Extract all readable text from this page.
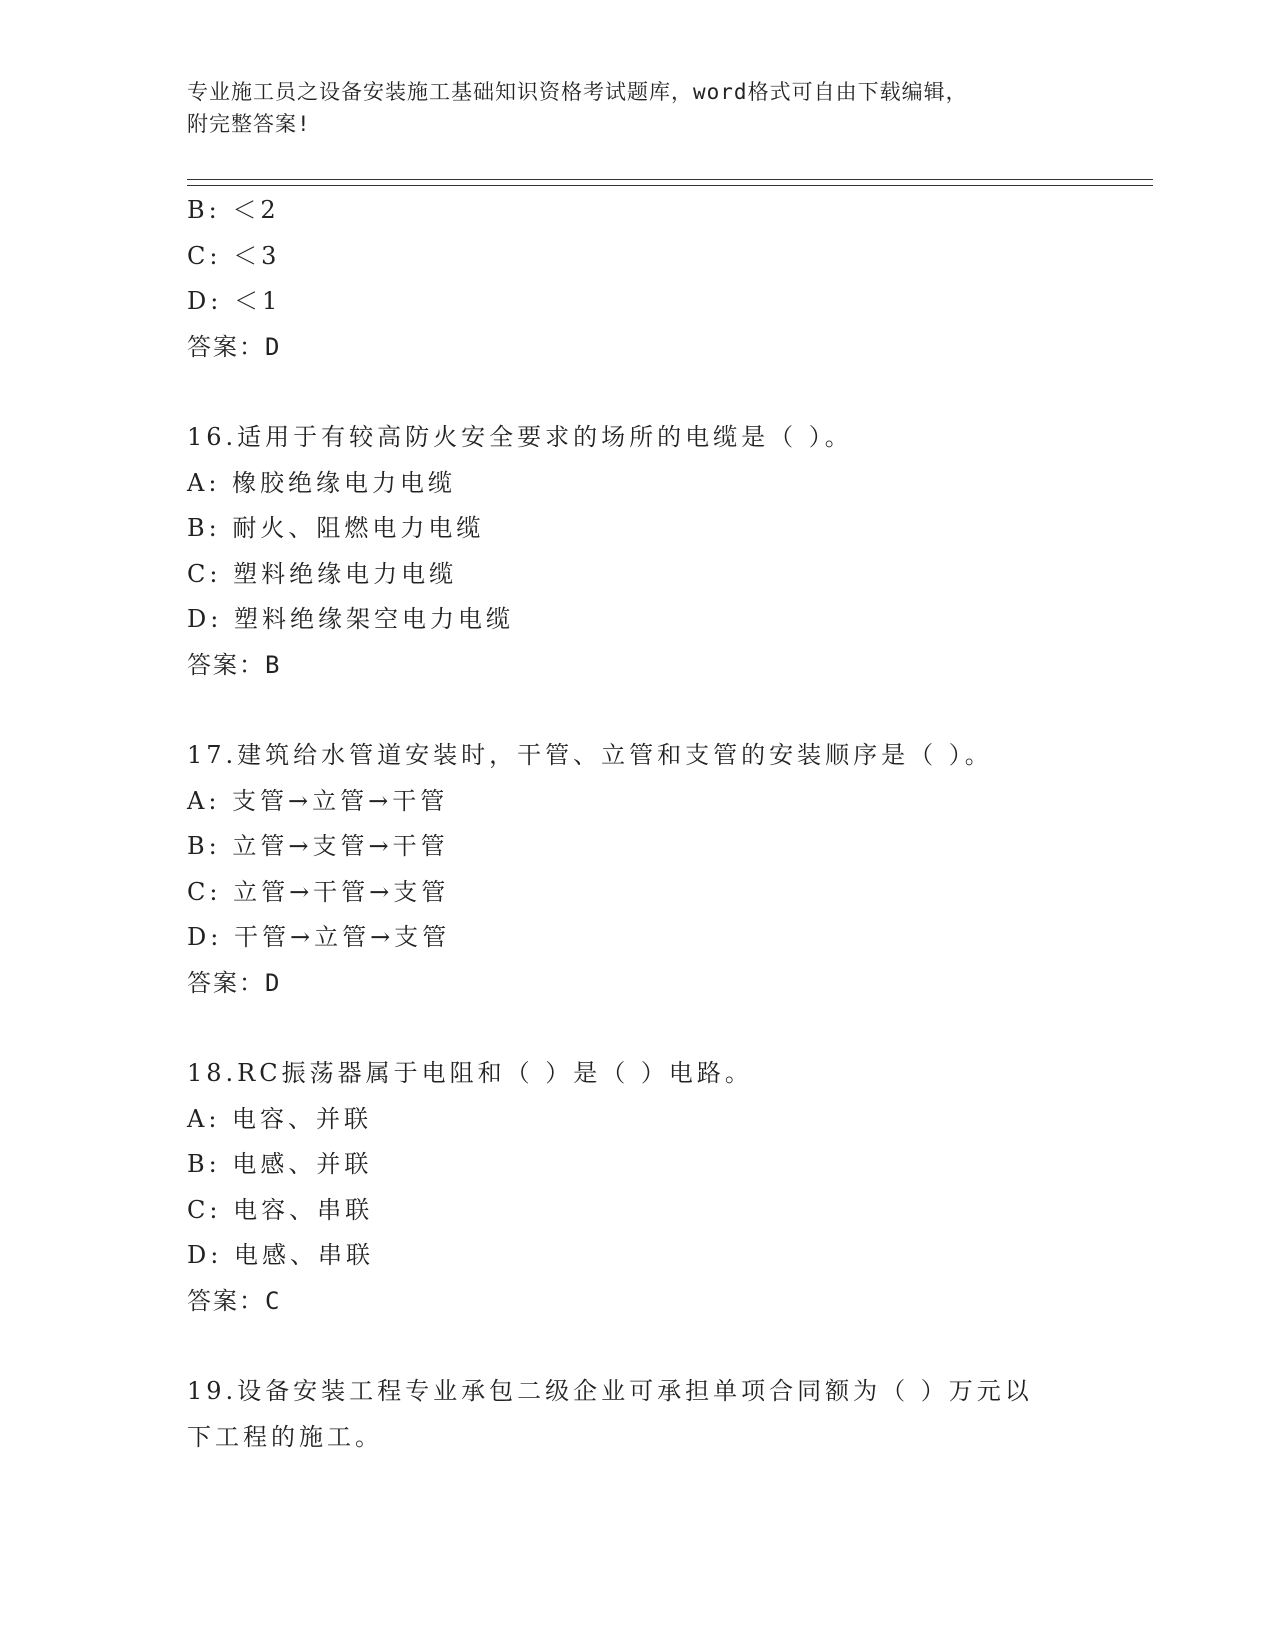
专业施工员之设备安装施工基础知识资格考试题库，word格式可自由下载编辑，
附完整答案!
B: ＜2
C: ＜3
D: ＜1
答案：D
16.适用于有较高防火安全要求的场所的电缆是（ ）。
A: 橡胶绝缘电力电缆
B: 耐火、阻燃电力电缆
C: 塑料绝缘电力电缆
D: 塑料绝缘架空电力电缆
答案：B
17.建筑给水管道安装时，干管、立管和支管的安装顺序是（ ）。
A: 支管→立管→干管
B: 立管→支管→干管
C: 立管→干管→支管
D: 干管→立管→支管
答案：D
18.RC振荡器属于电阻和（ ）是（ ）电路。
A: 电容、并联
B: 电感、并联
C: 电容、串联
D: 电感、串联
答案：C
19.设备安装工程专业承包二级企业可承担单项合同额为（ ）万元以
下工程的施工。
